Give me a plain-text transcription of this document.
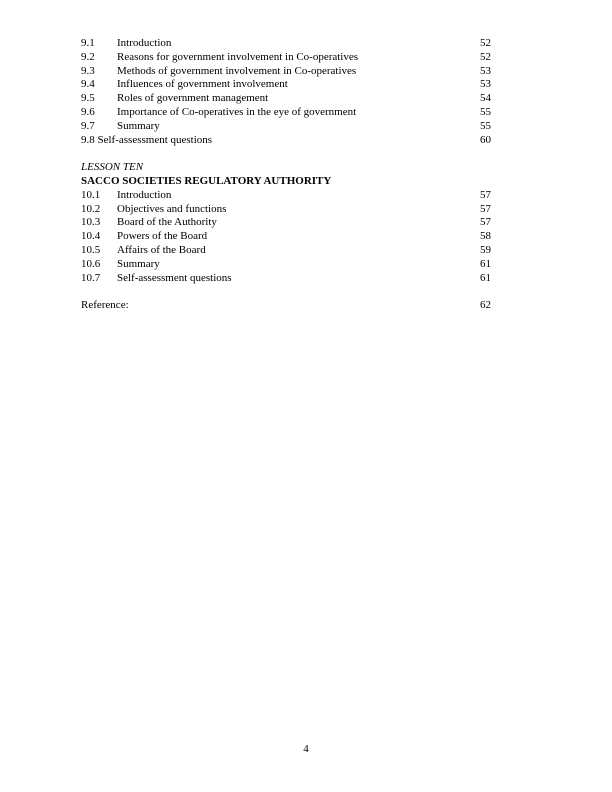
9.1 Introduction	52
9.2 Reasons for government involvement in Co-operatives	52
9.3 Methods of government involvement in Co-operatives	53
9.4 Influences of government involvement	53
9.5 Roles of government management	54
9.6 Importance of Co-operatives in the eye of government	55
9.7 Summary	55
9.8 Self-assessment questions	60
LESSON TEN
SACCO SOCIETIES REGULATORY AUTHORITY
10.1 Introduction	57
10.2 Objectives and functions	57
10.3 Board of the Authority	57
10.4 Powers of the Board	58
10.5 Affairs of the Board	59
10.6 Summary	61
10.7 Self-assessment questions	61
Reference:	62
4
